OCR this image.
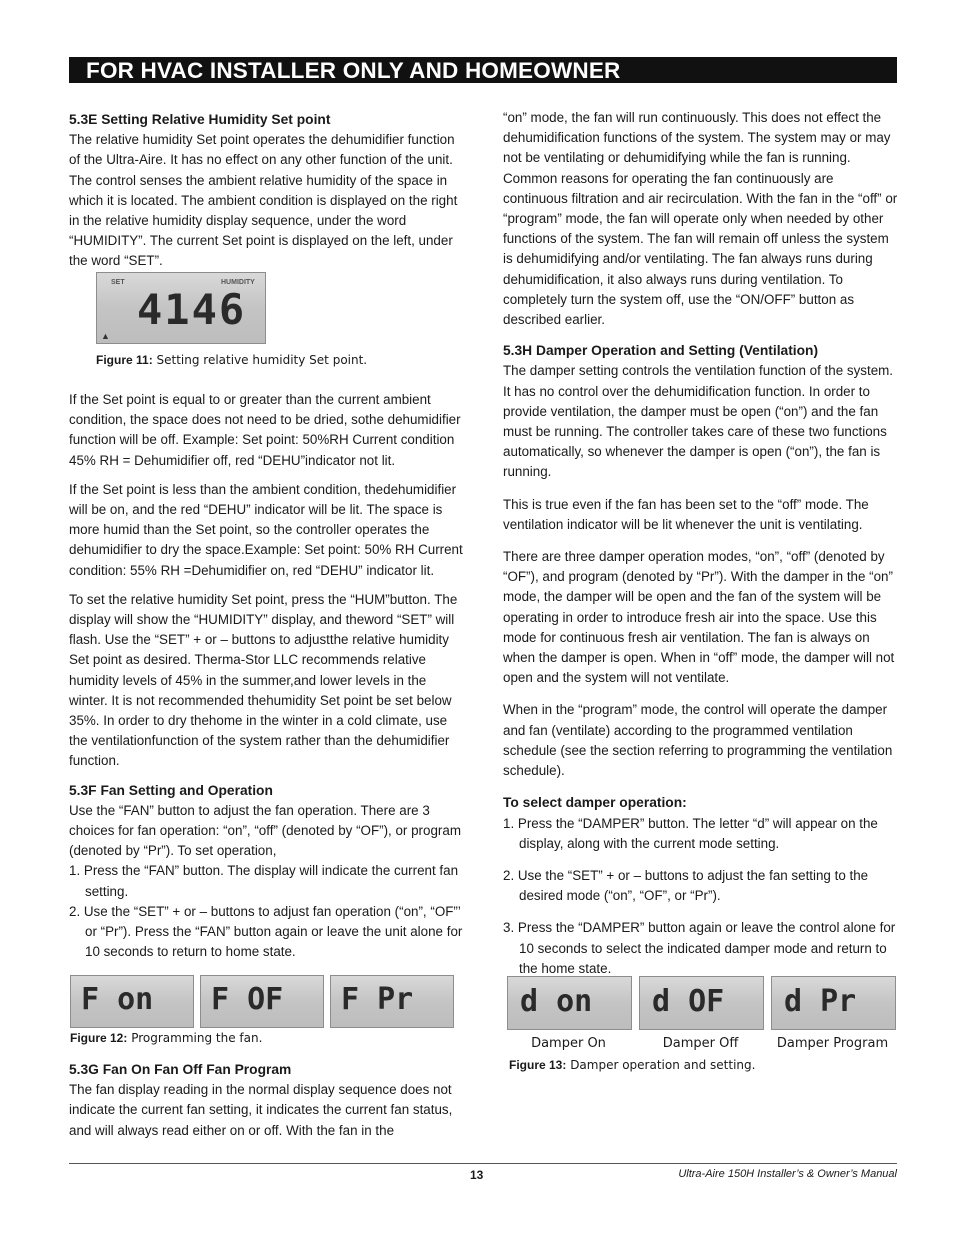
FOR HVAC INSTALLER ONLY AND HOMEOWNER

5.3E Setting Relative Humidity Set point

The relative humidity Set point operates the dehumidifier function of the Ultra-Aire. It has no effect on any other function of the unit. The control senses the ambient relative humidity of the space in which it is located. The ambient condition is displayed on the right in the relative humidity display sequence, under the word “HUMIDITY”. The current Set point is displayed on the left, under the word “SET”.

SET	HUMIDITY
4146
▲
Figure 11: Setting relative humidity Set point.

If the Set point is equal to or greater than the current ambient condition, the space does not need to be dried, sothe dehumidifier function will be off. Example: Set point: 50%RH Current condition 45% RH = Dehumidifier off, red “DEHU”indicator not lit.

If the Set point is less than the ambient condition, thedehumidifier will be on, and the red “DEHU” indicator will be lit. The space is more humid than the Set point, so the controller operates the dehumidifier to dry the space.Example: Set point: 50% RH Current condition: 55% RH =Dehumidifier on, red “DEHU” indicator lit.

To set the relative humidity Set point, press the “HUM”button. The display will show the “HUMIDITY” display, and theword “SET” will flash. Use the “SET” + or – buttons to adjustthe relative humidity Set point as desired. Therma-Stor LLC recommends relative humidity levels of 45% in the summer,and lower levels in the winter. It is not recommended thehumidity Set point be set below 35%. In order to dry thehome in the winter in a cold climate, use the ventilationfunction of the system rather than the dehumidifier function.

5.3F Fan Setting and Operation

Use the “FAN” button to adjust the fan operation. There are 3 choices for fan operation: “on”, “off” (denoted by “OF”), or program (denoted by “Pr”). To set operation,

1. Press the “FAN” button. The display will indicate the current fan setting.

2. Use the “SET” + or – buttons to adjust fan operation (“on”, “OF”’ or “Pr”). Press the “FAN” button again or leave the unit alone for 10 seconds to return to home state.

F on F OF F Pr
Figure 12: Programming the fan.

5.3G Fan On Fan Off Fan Program

The fan display reading in the normal display sequence does not indicate the current fan setting, it indicates the current fan status, and will always read either on or off. With the fan in the

“on” mode, the fan will run continuously. This does not effect the dehumidification functions of the system. The system may or may not be ventilating or dehumidifying while the fan is running. Common reasons for operating the fan continuously are continuous filtration and air recirculation. With the fan in the “off” or “program” mode, the fan will operate only when needed by other functions of the system. The fan will remain off unless the system is dehumidifying and/or ventilating. The fan always runs during dehumidification, it also always runs during ventilation. To completely turn the system off, use the “ON/OFF” button as described earlier.

5.3H Damper Operation and Setting (Ventilation)

The damper setting controls the ventilation function of the system. It has no control over the dehumidification function. In order to provide ventilation, the damper must be open (“on”) and the fan must be running. The controller takes care of these two functions automatically, so whenever the damper is open (“on”), the fan is running.

This is true even if the fan has been set to the “off” mode. The ventilation indicator will be lit whenever the unit is ventilating.

There are three damper operation modes, “on”, “off” (denoted by “OF”), and program (denoted by “Pr”). With the damper in the “on” mode, the damper will be open and the fan of the system will be operating in order to introduce fresh air into the space. Use this mode for continuous fresh air ventilation. The fan is always on when the damper is open. When in “off” mode, the damper will not open and the system will not ventilate.

When in the “program” mode, the control will operate the damper and fan (ventilate) according to the programmed ventilation schedule (see the section referring to programming the ventilation schedule).

To select damper operation:

1. Press the “DAMPER” button. The letter “d” will appear on the display, along with the current mode setting.

2. Use the “SET” + or – buttons to adjust the fan setting to the desired mode (“on”, “OF”, or “Pr”).

3. Press the “DAMPER” button again or leave the control alone for 10 seconds to select the indicated damper mode and return to the home state.

d on d OF d Pr
Damper On	Damper Off	Damper Program
Figure 13: Damper operation and setting.
13	Ultra-Aire 150H Installer’s & Owner’s Manual
